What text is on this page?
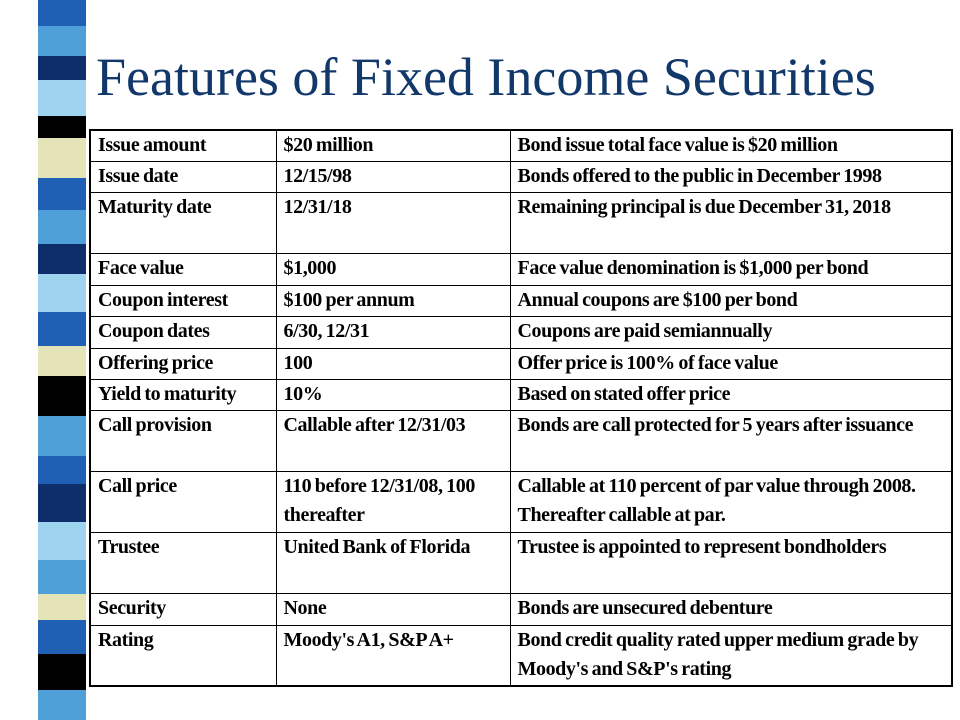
Features of Fixed Income Securities
Issue amount	$20 million	Bond issue total face value is $20 million
Issue date	12/15/98	Bonds offered to the public in December 1998
Maturity date	12/31/18	Remaining principal is due December 31, 2018
Face value	$1,000	Face value denomination is $1,000 per bond
Coupon interest	$100 per annum	Annual coupons are $100 per bond
Coupon dates	6/30, 12/31	Coupons are paid semiannually
Offering price	100	Offer price is 100% of face value
Yield to maturity	10%	Based on stated offer price
Call provision	Callable after 12/31/03	Bonds are call protected for 5 years after issuance
Call price	110 before 12/31/08, 100 thereafter	Callable at 110 percent of par value through 2008. Thereafter callable at par.
Trustee	United Bank of Florida	Trustee is appointed to represent bondholders
Security	None	Bonds are unsecured debenture
Rating	Moody's A1, S&P A+	Bond credit quality rated upper medium grade by Moody's and S&P's rating
